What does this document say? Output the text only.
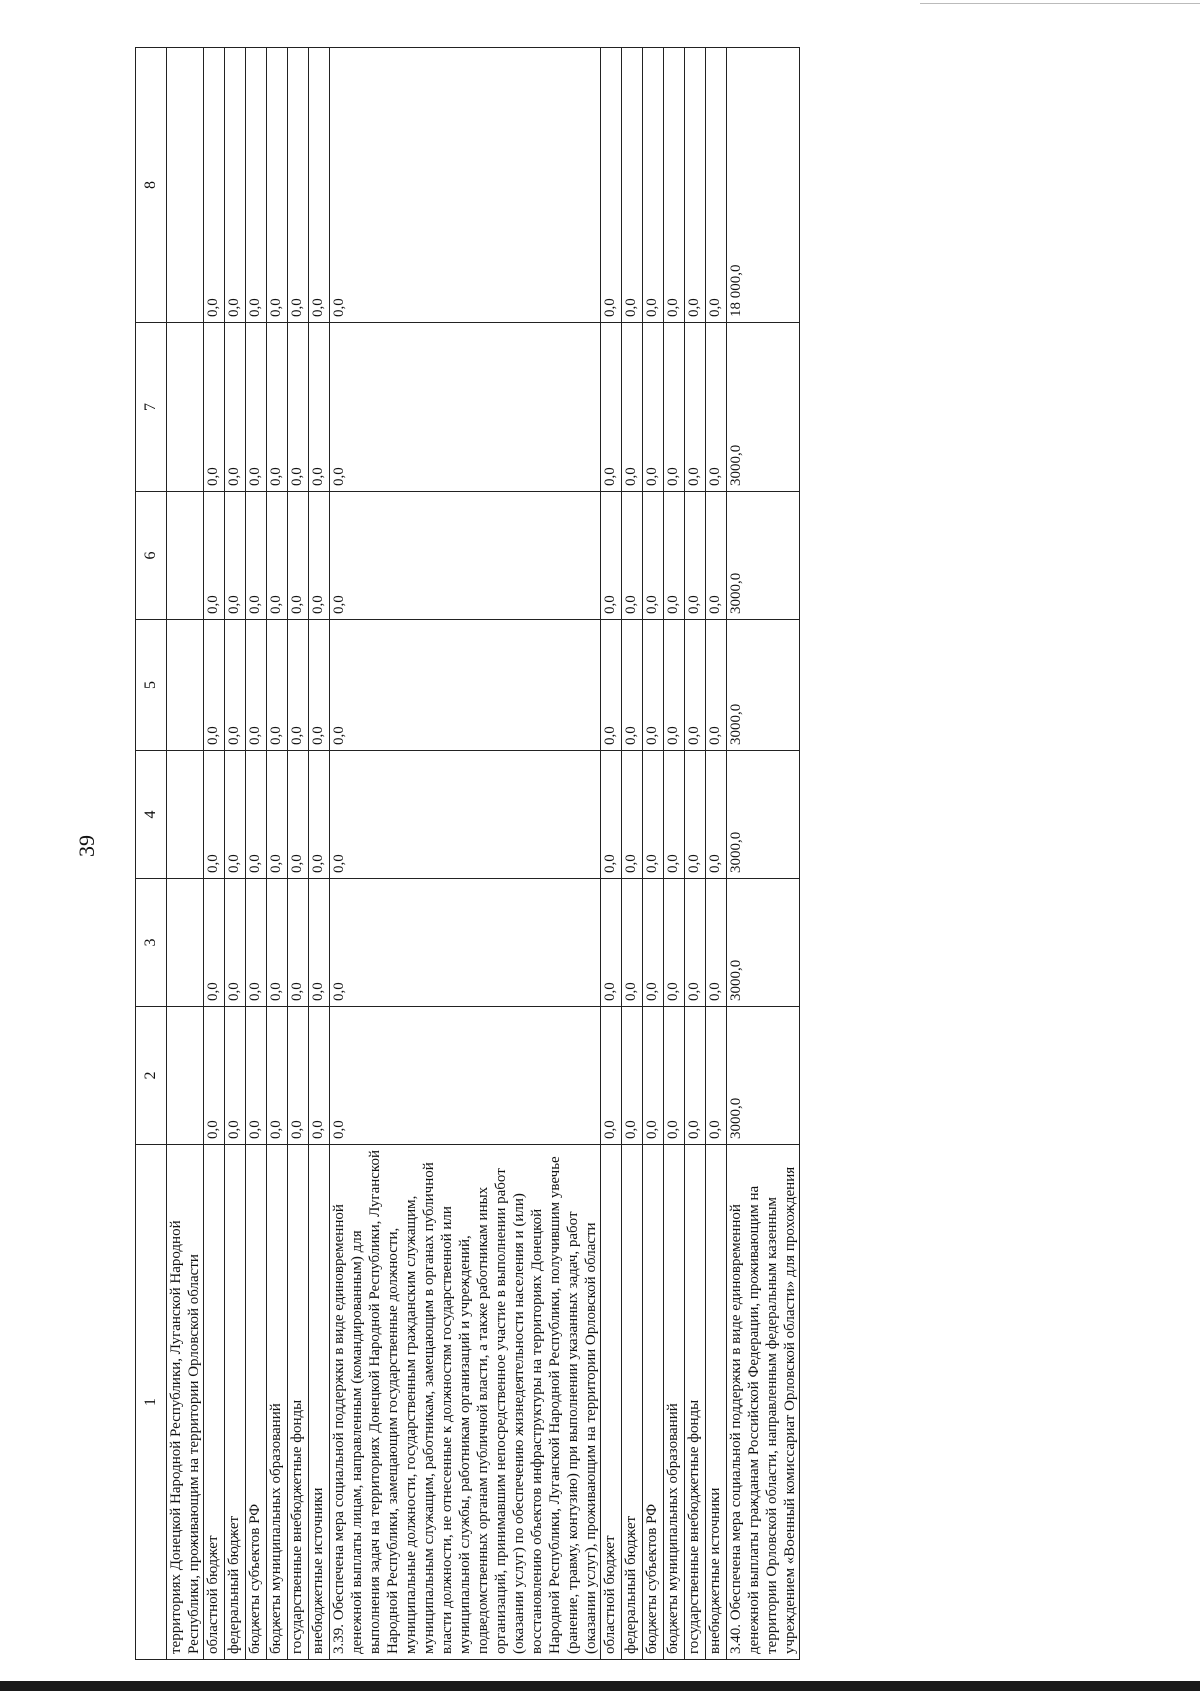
39
1	2	3	4	5	6	7	8
территориях Донецкой Народной Республики, Луганской Народной Республики, проживающим на территории Орловской области							
областной бюджет	0,0	0,0	0,0	0,0	0,0	0,0	0,0
федеральный бюджет	0,0	0,0	0,0	0,0	0,0	0,0	0,0
бюджеты субъектов РФ	0,0	0,0	0,0	0,0	0,0	0,0	0,0
бюджеты муниципальных образований	0,0	0,0	0,0	0,0	0,0	0,0	0,0
государственные внебюджетные фонды	0,0	0,0	0,0	0,0	0,0	0,0	0,0
внебюджетные источники	0,0	0,0	0,0	0,0	0,0	0,0	0,0
3.39. Обеспечена мера социальной поддержки в виде единовременной денежной выплаты лицам, направленным (командированным) для выполнения задач на территориях Донецкой Народной Республики, Луганской Народной Республики, замещающим государственные должности, муниципальные должности, государственным гражданским служащим, муниципальным служащим, работникам, замещающим в органах публичной власти должности, не отнесенные к должностям государственной или муниципальной службы, работникам организаций и учреждений, подведомственных органам публичной власти, а также работникам иных организаций, принимавшим непосредственное участие в выполнении работ (оказании услуг) по обеспечению жизнедеятельности населения и (или) восстановлению объектов инфраструктуры на территориях Донецкой Народной Республики, Луганской Народной Республики, получившим увечье (ранение, травму, контузию) при выполнении указанных задач, работ (оказании услуг), проживающим на территории Орловской области	0,0	0,0	0,0	0,0	0,0	0,0	0,0
областной бюджет	0,0	0,0	0,0	0,0	0,0	0,0	0,0
федеральный бюджет	0,0	0,0	0,0	0,0	0,0	0,0	0,0
бюджеты субъектов РФ	0,0	0,0	0,0	0,0	0,0	0,0	0,0
бюджеты муниципальных образований	0,0	0,0	0,0	0,0	0,0	0,0	0,0
государственные внебюджетные фонды	0,0	0,0	0,0	0,0	0,0	0,0	0,0
внебюджетные источники	0,0	0,0	0,0	0,0	0,0	0,0	0,0
3.40. Обеспечена мера социальной поддержки в виде единовременной денежной выплаты гражданам Российской Федерации, проживающим на территории Орловской области, направленным федеральным казенным учреждением «Военный комиссариат Орловской области» для прохождения	3000,0	3000,0	3000,0	3000,0	3000,0	3000,0	18 000,0
